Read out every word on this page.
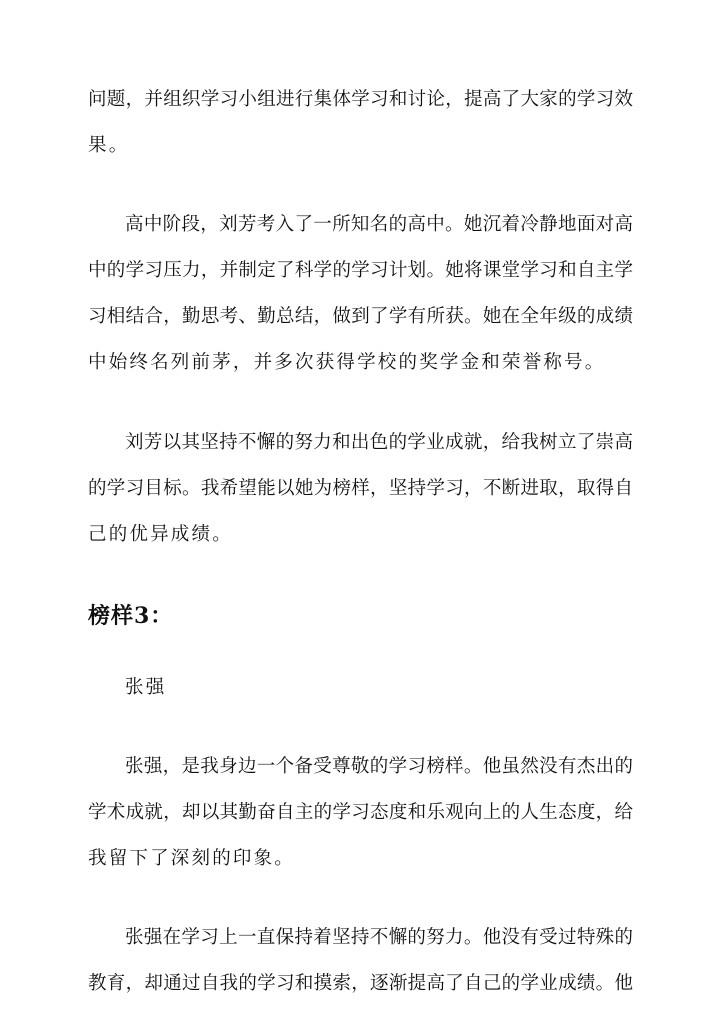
问题，并组织学习小组进行集体学习和讨论，提高了大家的学习效
果。
高中阶段，刘芳考入了一所知名的高中。她沉着冷静地面对高
中的学习压力，并制定了科学的学习计划。她将课堂学习和自主学
习相结合，勤思考、勤总结，做到了学有所获。她在全年级的成绩
中始终名列前茅，并多次获得学校的奖学金和荣誉称号。
刘芳以其坚持不懈的努力和出色的学业成就，给我树立了崇高
的学习目标。我希望能以她为榜样，坚持学习，不断进取，取得自
己的优异成绩。
榜样3：
张强
张强，是我身边一个备受尊敬的学习榜样。他虽然没有杰出的
学术成就，却以其勤奋自主的学习态度和乐观向上的人生态度，给
我留下了深刻的印象。
张强在学习上一直保持着坚持不懈的努力。他没有受过特殊的
教育，却通过自我的学习和摸索，逐渐提高了自己的学业成绩。他
